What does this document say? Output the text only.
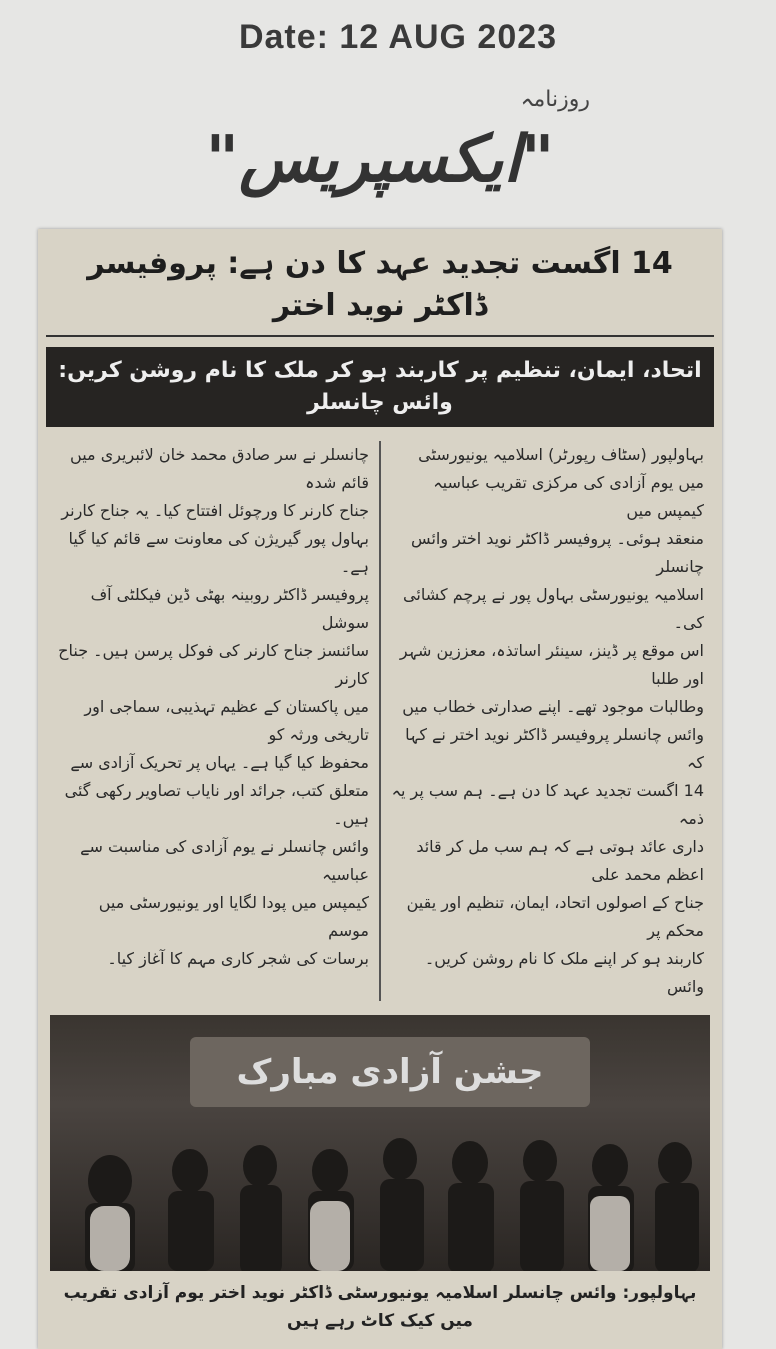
Date: 12 AUG 2023
روزنامہ
"ایکسپریس"
14 اگست تجدید عہد کا دن ہے: پروفیسر ڈاکٹر نوید اختر
اتحاد، ایمان، تنظیم پر کاربند ہو کر ملک کا نام روشن کریں: وائس چانسلر
بہاولپور (سٹاف رپورٹر) اسلامیہ یونیورسٹی
میں یوم آزادی کی مرکزی تقریب عباسیہ کیمپس میں
منعقد ہوئی۔ پروفیسر ڈاکٹر نوید اختر وائس چانسلر
اسلامیہ یونیورسٹی بہاول پور نے پرچم کشائی کی۔
اس موقع پر ڈینز، سینئر اساتذہ، معززین شہر اور طلبا
وطالبات موجود تھے۔ اپنے صدارتی خطاب میں
وائس چانسلر پروفیسر ڈاکٹر نوید اختر نے کہا کہ
14 اگست تجدید عہد کا دن ہے۔ ہم سب پر یہ ذمہ
داری عائد ہوتی ہے کہ ہم سب مل کر قائد اعظم محمد علی
جناح کے اصولوں اتحاد، ایمان، تنظیم اور یقین محکم پر
کاربند ہو کر اپنے ملک کا نام روشن کریں۔ وائس
چانسلر نے سر صادق محمد خان لائبریری میں قائم شدہ
جناح کارنر کا ورچوئل افتتاح کیا۔ یہ جناح کارنر
بہاول پور گیریژن کی معاونت سے قائم کیا گیا ہے۔
پروفیسر ڈاکٹر روبینہ بھٹی ڈین فیکلٹی آف سوشل
سائنسز جناح کارنر کی فوکل پرسن ہیں۔ جناح کارنر
میں پاکستان کے عظیم تہذیبی، سماجی اور تاریخی ورثہ کو
محفوظ کیا گیا ہے۔ یہاں پر تحریک آزادی سے
متعلق کتب، جرائد اور نایاب تصاویر رکھی گئی ہیں۔
وائس چانسلر نے یوم آزادی کی مناسبت سے عباسیہ
کیمپس میں پودا لگایا اور یونیورسٹی میں موسم
برسات کی شجر کاری مہم کا آغاز کیا۔
جشن آزادی مبارک
بہاولپور: وائس چانسلر اسلامیہ یونیورسٹی ڈاکٹر نوید اختر یوم آزادی تقریب میں کیک کاٹ رہے ہیں
